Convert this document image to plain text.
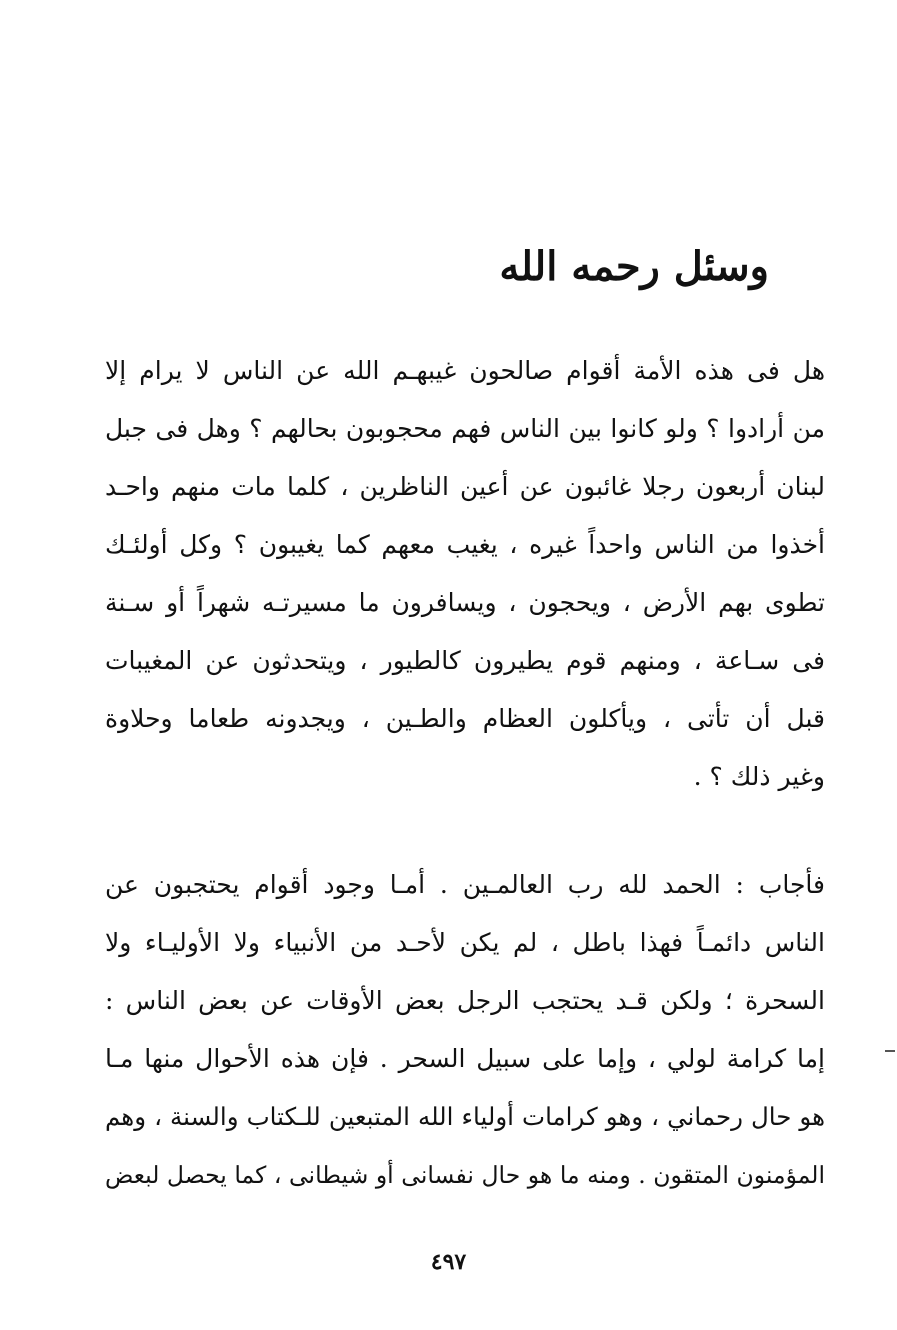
وسئل رحمه الله
هل فى هذه الأمة أقوام صالحون غيبهـم الله عن الناس لا يرام إلا
من أرادوا ؟ ولو كانوا بين الناس فهم محجوبون بحالهم ؟ وهل فى جبل
لبنان أربعون رجلا غائبون عن أعين الناظرين ، كلما مات منهم واحـد
أخذوا من الناس واحداً غيره ، يغيب معهم كما يغيبون ؟ وكل أولئـك
تطوى بهم الأرض ، ويحجون ، ويسافرون ما مسيرتـه شهراً أو سـنة
فى سـاعة ، ومنهم قوم يطيرون كالطيور ، ويتحدثون عن المغيبات
قبل أن تأتى ، ويأكلون العظام والطـين ، ويجدونه طعاما وحلاوة
وغير ذلك ؟ .
فأجاب : الحمد لله رب العالمـين . أمـا وجود أقوام يحتجبون عن
الناس دائمـاً فهذا باطل ، لم يكن لأحـد من الأنبياء ولا الأوليـاء ولا
السحرة ؛ ولكن قـد يحتجب الرجل بعض الأوقات عن بعض الناس :
إما كرامة لولي ، وإما على سبيل السحر . فإن هذه الأحوال منها مـا
هو حال رحماني ، وهو كرامات أولياء الله المتبعين للـكتاب والسنة ، وهم
المؤمنون المتقون . ومنه ما هو حال نفسانى أو شيطانى ، كما يحصل لبعض
٤٩٧
